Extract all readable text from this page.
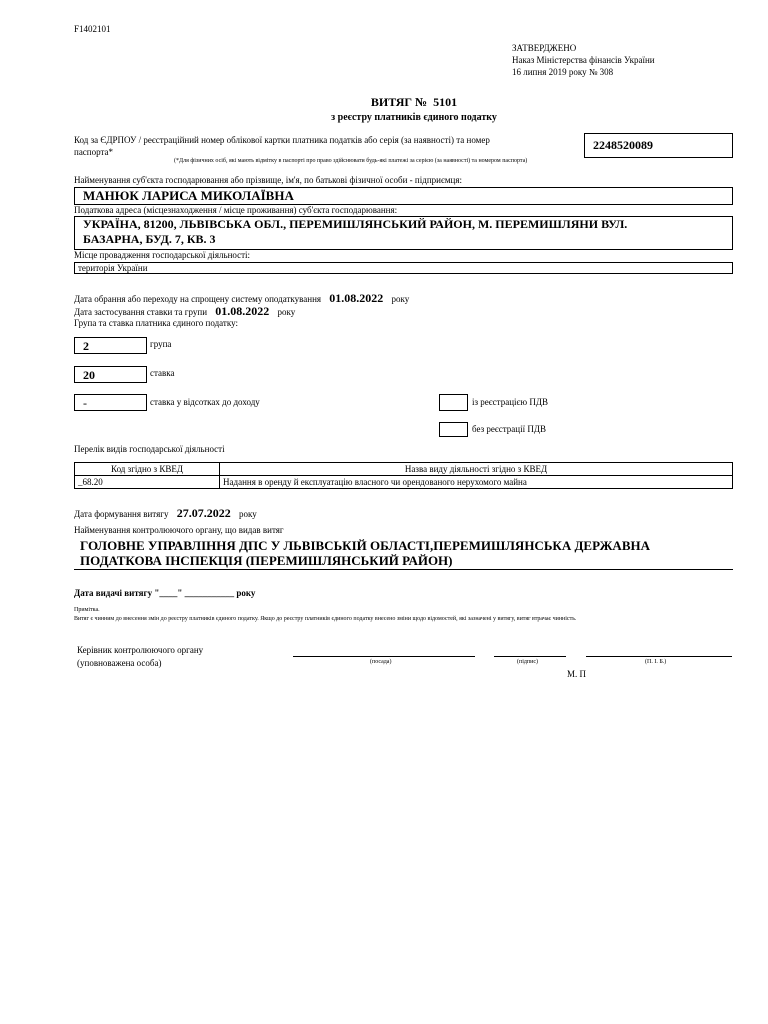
F1402101
ЗАТВЕРДЖЕНО
Наказ Міністерства фінансів України
16 липня 2019 року № 308
ВИТЯГ № 5101
з реєстру платників єдиного податку
Код за ЄДРПОУ / реєстраційний номер облікової картки платника податків або серія (за наявності) та номер
паспорта*	2248520089
(*Для фізичних осіб, які мають відмітку в паспорті про право здійснювати будь-які платежі за серією (за наявності) та номером паспорта)
Найменування суб'єкта господарювання або прізвище, ім'я, по батькові фізичної особи - підприємця:
МАНЮК ЛАРИСА МИКОЛАЇВНА
Податкова адреса (місцезнаходження / місце проживання) суб'єкта господарювання:
УКРАЇНА, 81200, ЛЬВІВСЬКА ОБЛ., ПЕРЕМИШЛЯНСЬКИЙ РАЙОН, М. ПЕРЕМИШЛЯНИ ВУЛ.
БАЗАРНА, БУД. 7, КВ. 3
Місце провадження господарської діяльності:
територія України
Дата обрання або переходу на спрощену систему оподаткування 01.08.2022 року
Дата застосування ставки та групи 01.08.2022 року
Група та ставка платника єдиного податку:
2	група
20	ставка
-	ставка у відсотках до доходу	із реєстрацією ПДВ
без реєстрації ПДВ
Перелік видів господарської діяльності
Код згідно з КВЕД	Назва виду діяльності згідно з КВЕД
_68.20	Надання в оренду й експлуатацію власного чи орендованого нерухомого майна
Дата формування витягу 27.07.2022 року
Найменування контролюючого органу, що видав витяг
ГОЛОВНЕ УПРАВЛІННЯ ДПС У ЛЬВІВСЬКІЙ ОБЛАСТІ,ПЕРЕМИШЛЯНСЬКА ДЕРЖАВНА
ПОДАТКОВА ІНСПЕКЦІЯ (ПЕРЕМИШЛЯНСЬКИЙ РАЙОН)
Дата видачі витягу "____" ___________ року
Примітка.
Витяг є чинним до внесення змін до реєстру платників єдиного податку. Якщо до реєстру платників єдиного податку внесено зміни щодо відомостей, які зазначені у витягу, витяг втрачає чинність.
Керівник контролюючого органу
(уповноважена особа)	(посада)	(підпис)	(П. І. Б.)
М. П
